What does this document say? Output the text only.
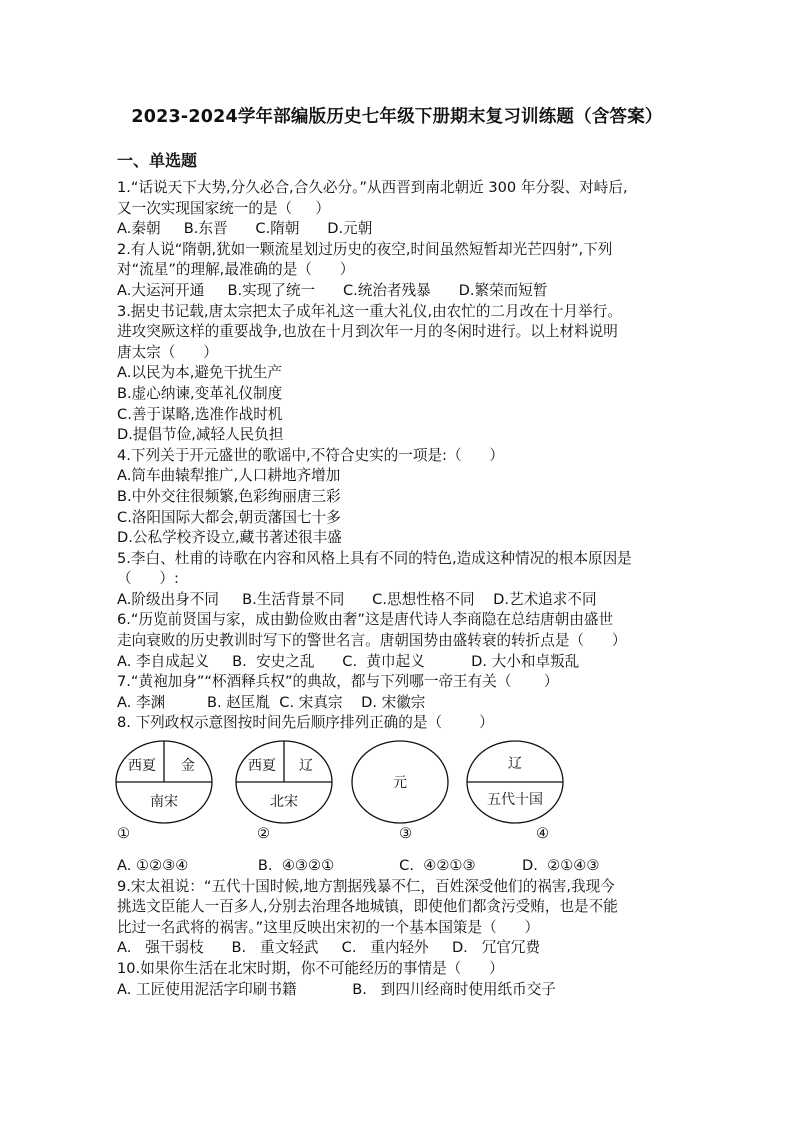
2023-2024学年部编版历史七年级下册期末复习训练题（含答案）
一、单选题

1.“话说天下大势,分久必合,合久必分。”从西晋到南北朝近 300 年分裂、对峙后,

又一次实现国家统一的是（     ）

A.秦朝     B.东晋      C.隋朝      D.元朝

2.有人说“隋朝,犹如一颗流星划过历史的夜空,时间虽然短暂却光芒四射”,下列

对“流星”的理解,最准确的是（      ）

A.大运河开通     B.实现了统一      C.统治者残暴      D.繁荣而短暂

3.据史书记载,唐太宗把太子成年礼这一重大礼仪,由农忙的二月改在十月举行。

进攻突厥这样的重要战争,也放在十月到次年一月的冬闲时进行。以上材料说明

唐太宗（      ）

A.以民为本,避免干扰生产

B.虚心纳谏,变革礼仪制度

C.善于谋略,选准作战时机

D.提倡节俭,减轻人民负担

4.下列关于开元盛世的歌谣中,不符合史实的一项是:（      ）

A.筒车曲辕犁推广,人口耕地齐增加

B.中外交往很频繁,色彩绚丽唐三彩

C.洛阳国际大都会,朝贡藩国七十多

D.公私学校齐设立,藏书著述很丰盛

5.李白、杜甫的诗歌在内容和风格上具有不同的特色,造成这种情况的根本原因是

（      ）:

A.阶级出身不同     B.生活背景不同      C.思想性格不同    D.艺术追求不同

6.“历览前贤国与家，成由勤俭败由奢”这是唐代诗人李商隐在总结唐朝由盛世

走向衰败的历史教训时写下的警世名言。唐朝国势由盛转衰的转折点是（      ）

A. 李自成起义     B.  安史之乱      C.  黄巾起义          D. 大小和卓叛乱

7.“黄袍加身”“杯酒释兵权”的典故，都与下列哪一帝王有关（       ）

A. 李渊         B. 赵匡胤  C. 宋真宗    D. 宋徽宗

8. 下列政权示意图按时间先后顺序排列正确的是（        ）

西夏 金
南宋
西夏 辽
北宋
元
辽
五代十国
①	②	③	④

A. ①②③④               B.  ④③②①              C.  ④②①③          D.  ②①④③

9.宋太祖说：“五代十国时候,地方割据残暴不仁，百姓深受他们的祸害,我现今

挑选文臣能人一百多人,分别去治理各地城镇，即使他们都贪污受贿，也是不能

比过一名武将的祸害。”这里反映出宋初的一个基本国策是（      ）

A.   强干弱枝      B.   重文轻武     C.   重内轻外     D.   冗官冗费

10.如果你生活在北宋时期，你不可能经历的事情是（      ）

A. 工匠使用泥活字印刷书籍            B.   到四川经商时使用纸币交子
